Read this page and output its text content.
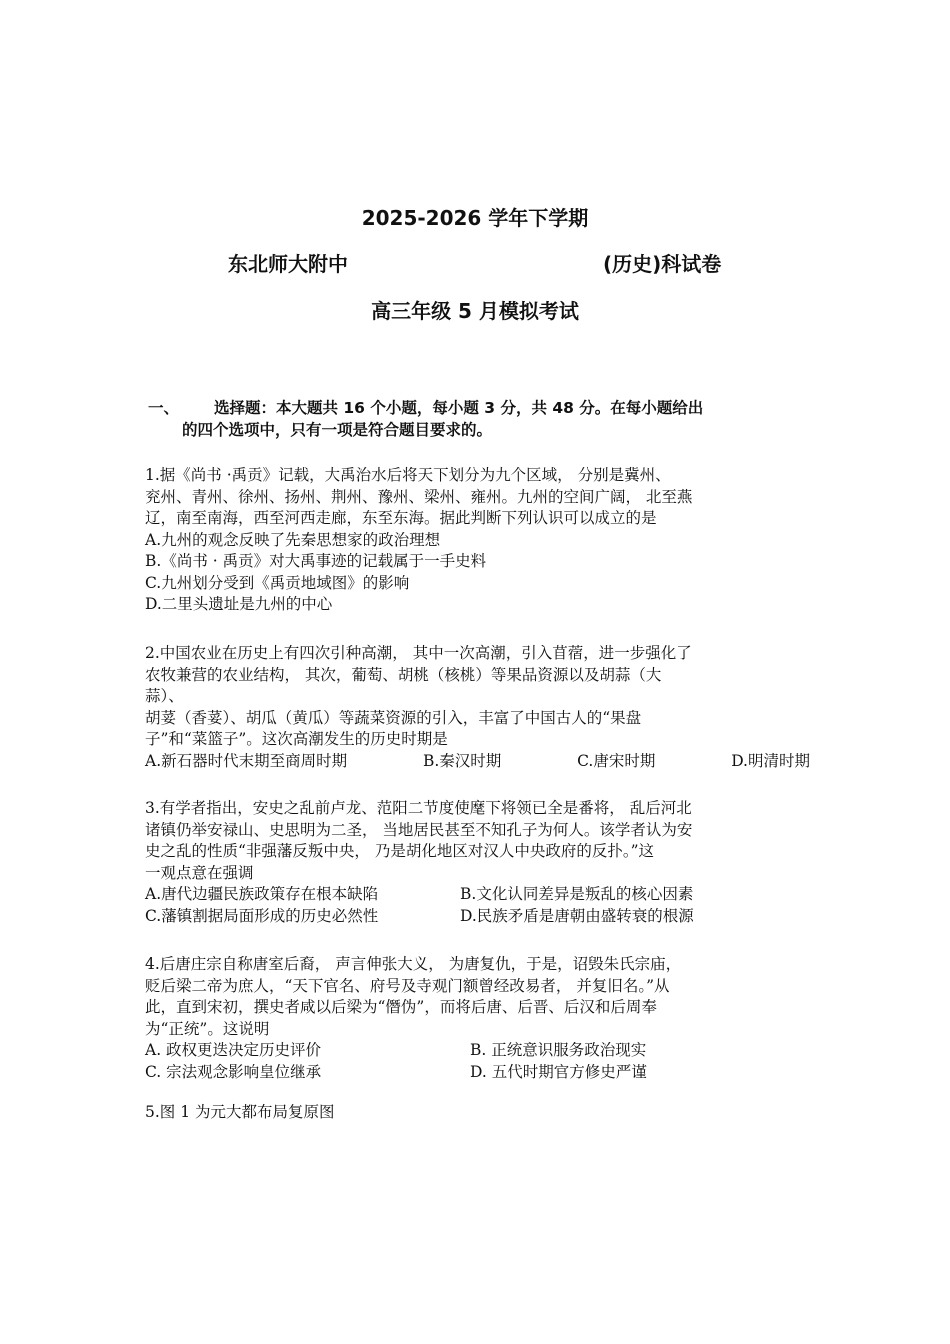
2025-2026 学年下学期
东北师大附中	(历史)科试卷
高三年级 5 月模拟考试
一、 选择题：本大题共 16 个小题，每小题 3 分，共 48 分。在每小题给出
的四个选项中，只有一项是符合题目要求的。
1.据《尚书 ·禹贡》记载，大禹治水后将天下划分为九个区域， 分别是冀州、
兖州、青州、徐州、扬州、荆州、豫州、梁州、雍州。九州的空间广阔， 北至燕
辽，南至南海，西至河西走廊，东至东海。据此判断下列认识可以成立的是
A.九州的观念反映了先秦思想家的政治理想
B.《尚书 · 禹贡》对大禹事迹的记载属于一手史料
C.九州划分受到《禹贡地域图》的影响
D.二里头遗址是九州的中心
2.中国农业在历史上有四次引种高潮， 其中一次高潮，引入苜蓿，进一步强化了
农牧兼营的农业结构， 其次，葡萄、胡桃（核桃）等果品资源以及胡蒜（大
蒜）、
胡荽（香荽）、胡瓜（黄瓜）等蔬菜资源的引入，丰富了中国古人的“果盘
子”和“菜篮子”。这次高潮发生的历史时期是
A.新石器时代末期至商周时期	B.秦汉时期	C.唐宋时期	D.明清时期
3.有学者指出，安史之乱前卢龙、范阳二节度使麾下将领已全是番将， 乱后河北
诸镇仍举安禄山、史思明为二圣， 当地居民甚至不知孔子为何人。该学者认为安
史之乱的性质“非强藩反叛中央， 乃是胡化地区对汉人中央政府的反扑。”这
一观点意在强调
A.唐代边疆民族政策存在根本缺陷	B.文化认同差异是叛乱的核心因素
C.藩镇割据局面形成的历史必然性	D.民族矛盾是唐朝由盛转衰的根源
4.后唐庄宗自称唐室后裔， 声言伸张大义， 为唐复仇，于是，诏毁朱氏宗庙，
贬后梁二帝为庶人，“天下官名、府号及寺观门额曾经改易者， 并复旧名。”从
此，直到宋初，撰史者咸以后梁为“僭伪”，而将后唐、后晋、后汉和后周奉
为“正统”。这说明
A. 政权更迭决定历史评价	B. 正统意识服务政治现实
C. 宗法观念影响皇位继承	D. 五代时期官方修史严谨
5.图 1 为元大都布局复原图
